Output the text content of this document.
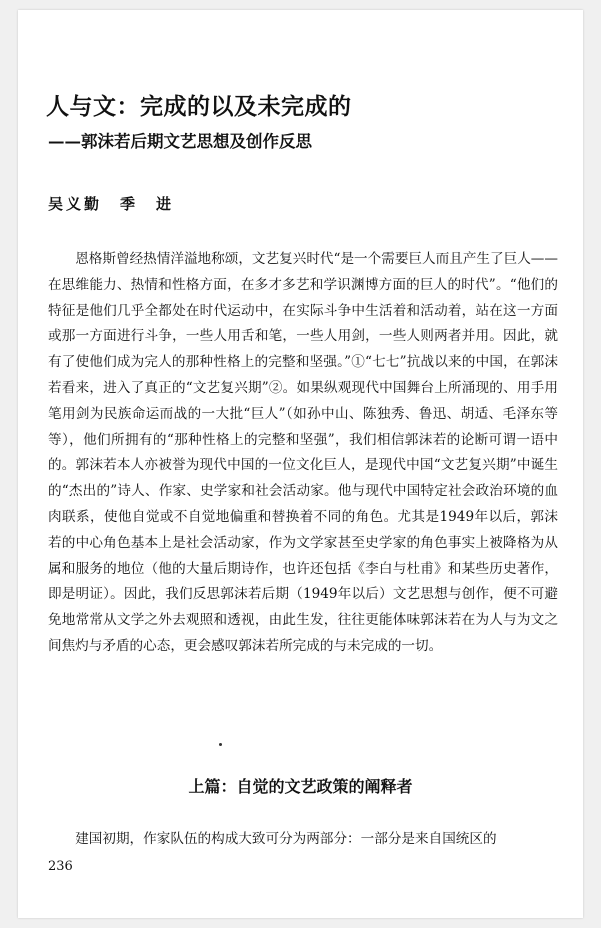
人与文：完成的以及未完成的
——郭沫若后期文艺思想及创作反思
吴义勤　季　进

恩格斯曾经热情洋溢地称颂，文艺复兴时代“是一个需要巨人而且产生了巨人——在思维能力、热情和性格方面，在多才多艺和学识渊博方面的巨人的时代”。“他们的特征是他们几乎全都处在时代运动中，在实际斗争中生活着和活动着，站在这一方面或那一方面进行斗争，一些人用舌和笔，一些人用剑，一些人则两者并用。因此，就有了使他们成为完人的那种性格上的完整和坚强。”①“七七”抗战以来的中国，在郭沫若看来，进入了真正的“文艺复兴期”②。如果纵观现代中国舞台上所涌现的、用手用笔用剑为民族命运而战的一大批“巨人”（如孙中山、陈独秀、鲁迅、胡适、毛泽东等等），他们所拥有的“那种性格上的完整和坚强”，我们相信郭沫若的论断可谓一语中的。郭沫若本人亦被誉为现代中国的一位文化巨人，是现代中国“文艺复兴期”中诞生的“杰出的”诗人、作家、史学家和社会活动家。他与现代中国特定社会政治环境的血肉联系，使他自觉或不自觉地偏重和替换着不同的角色。尤其是1949年以后，郭沫若的中心角色基本上是社会活动家，作为文学家甚至史学家的角色事实上被降格为从属和服务的地位（他的大量后期诗作，也许还包括《李白与杜甫》和某些历史著作，即是明证）。因此，我们反思郭沫若后期（1949年以后）文艺思想与创作，便不可避免地常常从文学之外去观照和透视，由此生发，往往更能体味郭沫若在为人与为文之间焦灼与矛盾的心态，更会感叹郭沫若所完成的与未完成的一切。

上篇：自觉的文艺政策的阐释者

建国初期，作家队伍的构成大致可分为两部分：一部分是来自国统区的

236
